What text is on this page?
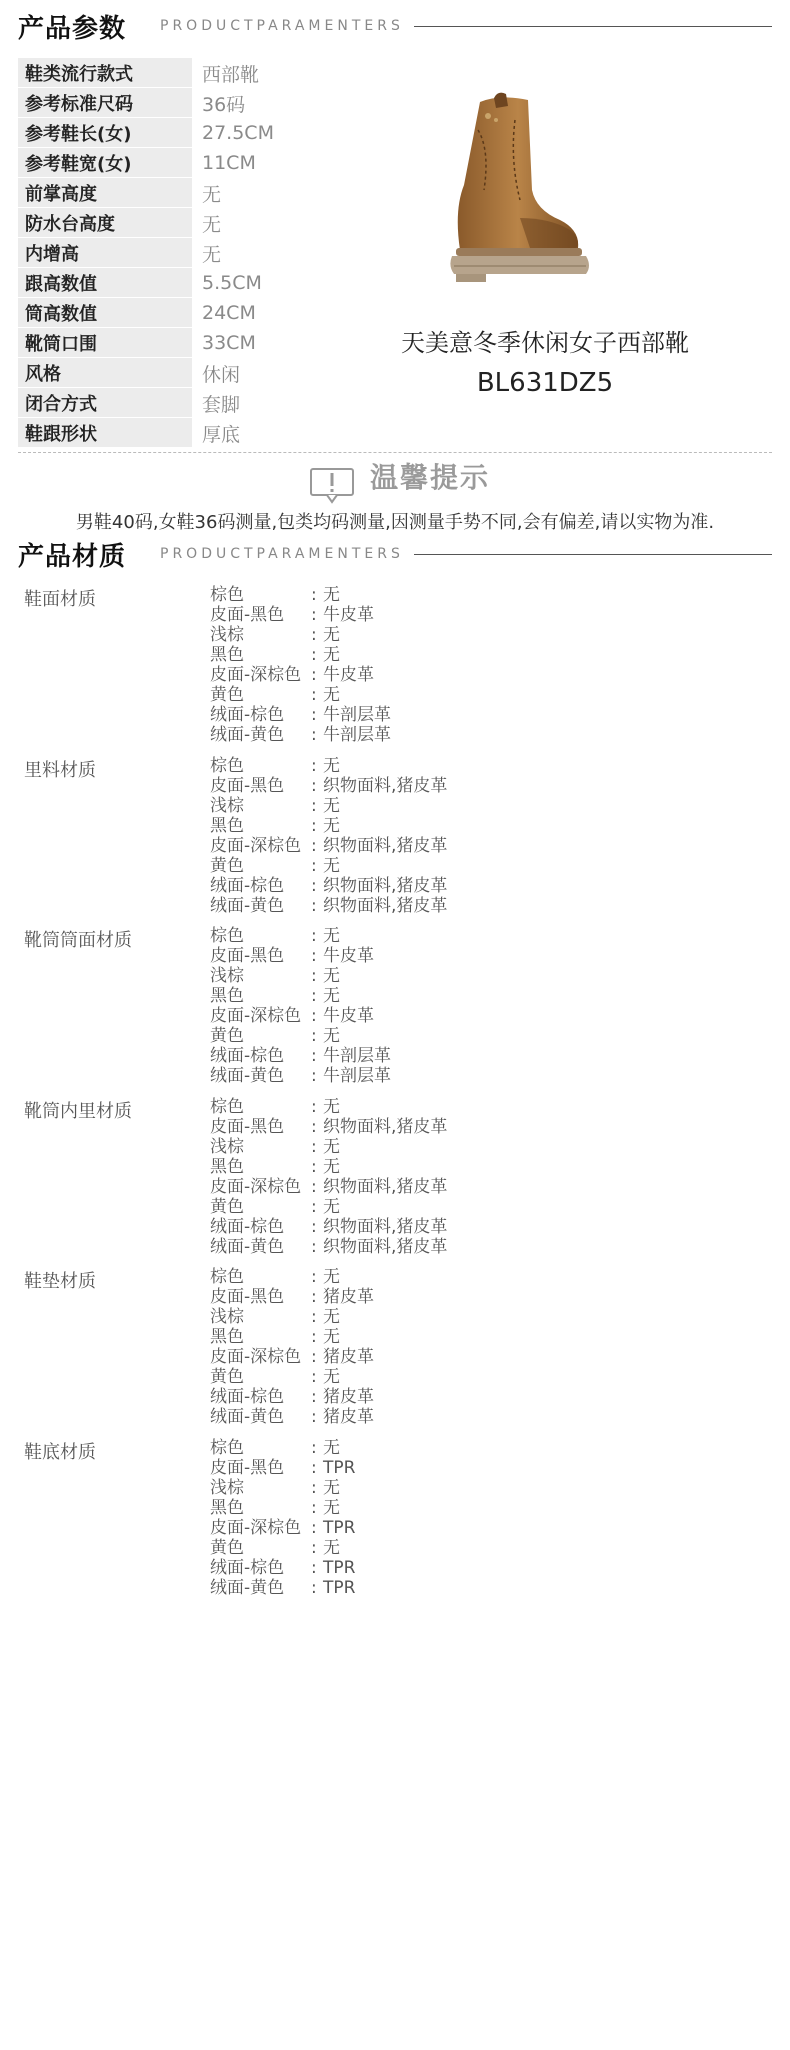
产品参数 PRODUCTPARAMENTERS
鞋类流行款式	西部靴
参考标准尺码	36码
参考鞋长(女)	27.5CM
参考鞋宽(女)	11CM
前掌高度	无
防水台高度	无
内增高	无
跟高数值	5.5CM
筒高数值	24CM
靴筒口围	33CM
风格	休闲
闭合方式	套脚
鞋跟形状	厚底
天美意冬季休闲女子西部靴
BL631DZ5
温馨提示
男鞋40码,女鞋36码测量,包类均码测量,因测量手势不同,会有偏差,请以实物为准.
产品材质 PRODUCTPARAMENTERS
鞋面材质	棕色	: 无
皮面-黑色 : 牛皮革
浅棕	: 无
黑色	: 无
皮面-深棕色 : 牛皮革
黄色	: 无
绒面-棕色 : 牛剖层革
绒面-黄色 : 牛剖层革
里料材质	棕色	: 无
皮面-黑色 : 织物面料,猪皮革
浅棕	: 无
黑色	: 无
皮面-深棕色 : 织物面料,猪皮革
黄色	: 无
绒面-棕色 : 织物面料,猪皮革
绒面-黄色 : 织物面料,猪皮革
靴筒筒面材质	棕色	: 无
皮面-黑色 : 牛皮革
浅棕	: 无
黑色	: 无
皮面-深棕色 : 牛皮革
黄色	: 无
绒面-棕色 : 牛剖层革
绒面-黄色 : 牛剖层革
靴筒内里材质	棕色	: 无
皮面-黑色 : 织物面料,猪皮革
浅棕	: 无
黑色	: 无
皮面-深棕色 : 织物面料,猪皮革
黄色	: 无
绒面-棕色 : 织物面料,猪皮革
绒面-黄色 : 织物面料,猪皮革
鞋垫材质	棕色	: 无
皮面-黑色 : 猪皮革
浅棕	: 无
黑色	: 无
皮面-深棕色 : 猪皮革
黄色	: 无
绒面-棕色 : 猪皮革
绒面-黄色 : 猪皮革
鞋底材质	棕色	: 无
皮面-黑色 : TPR
浅棕	: 无
黑色	: 无
皮面-深棕色 : TPR
黄色	: 无
绒面-棕色 : TPR
绒面-黄色 : TPR
